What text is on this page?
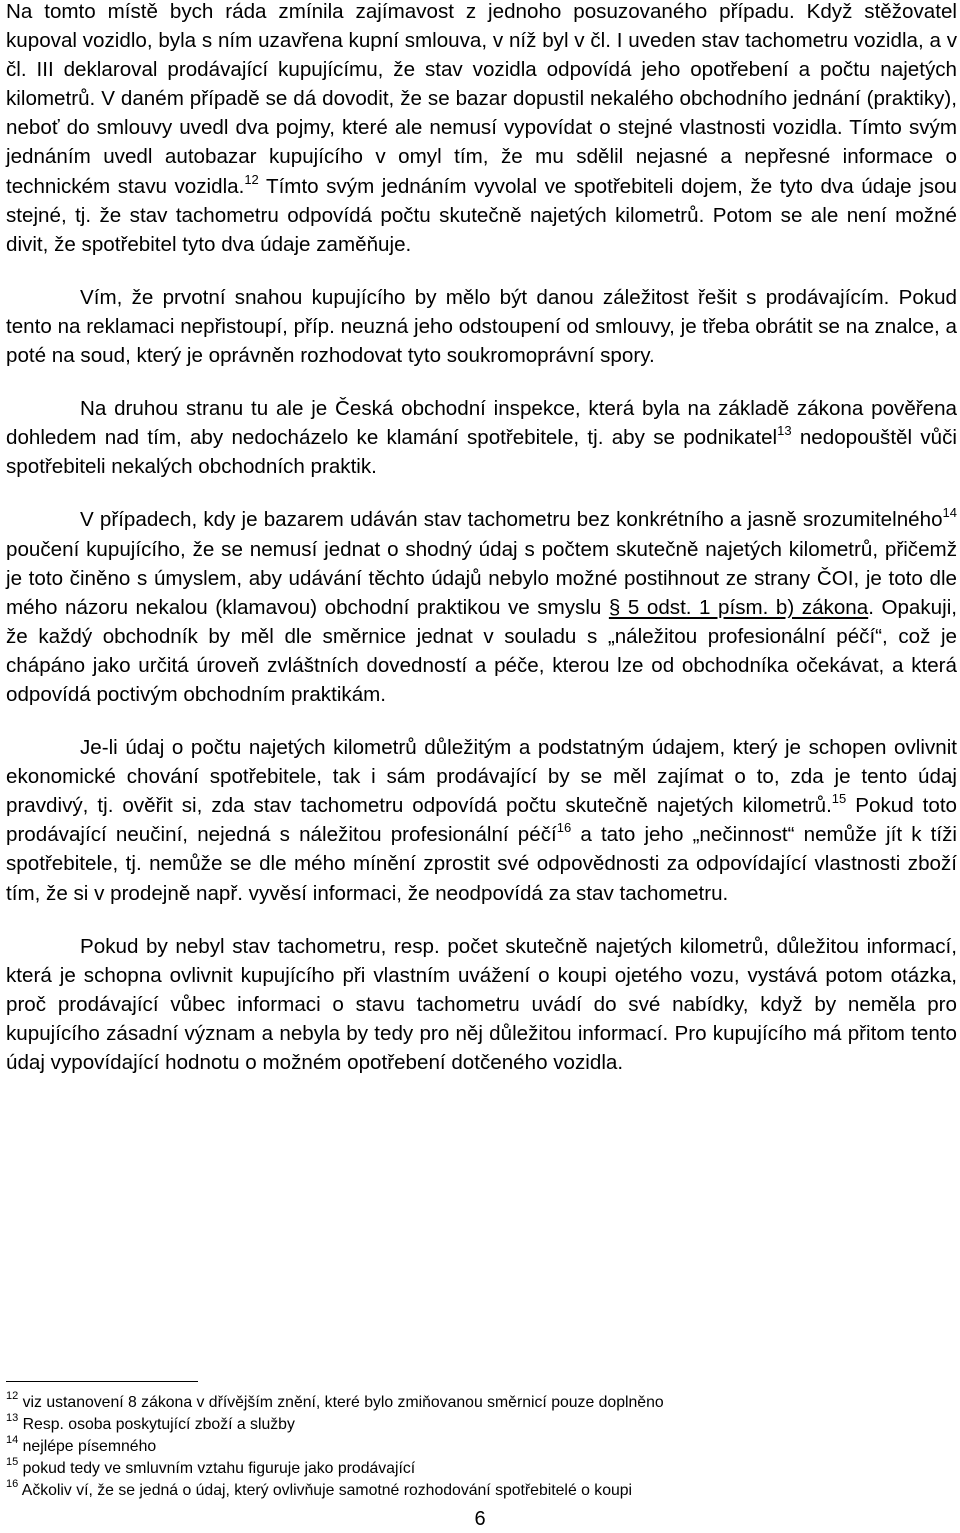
Na tomto místě bych ráda zmínila zajímavost z jednoho posuzovaného případu. Když stěžovatel kupoval vozidlo, byla s ním uzavřena kupní smlouva, v níž byl v čl. I uveden stav tachometru vozidla, a v čl. III deklaroval prodávající kupujícímu, že stav vozidla odpovídá jeho opotřebení a počtu najetých kilometrů. V daném případě se dá dovodit, že se bazar dopustil nekalého obchodního jednání (praktiky), neboť do smlouvy uvedl dva pojmy, které ale nemusí vypovídat o stejné vlastnosti vozidla. Tímto svým jednáním uvedl autobazar kupujícího v omyl tím, že mu sdělil nejasné a nepřesné informace o technickém stavu vozidla.$^{12}$ Tímto svým jednáním vyvolal ve spotřebiteli dojem, že tyto dva údaje jsou stejné, tj. že stav tachometru odpovídá počtu skutečně najetých kilometrů. Potom se ale není možné divit, že spotřebitel tyto dva údaje zaměňuje.

Vím, že prvotní snahou kupujícího by mělo být danou záležitost řešit s prodávajícím. Pokud tento na reklamaci nepřistoupí, příp. neuzná jeho odstoupení od smlouvy, je třeba obrátit se na znalce, a poté na soud, který je oprávněn rozhodovat tyto soukromoprávní spory.

Na druhou stranu tu ale je Česká obchodní inspekce, která byla na základě zákona pověřena dohledem nad tím, aby nedocházelo ke klamání spotřebitele, tj. aby se podnikatel$^{13}$ nedopouštěl vůči spotřebiteli nekalých obchodních praktik.

V případech, kdy je bazarem udáván stav tachometru bez konkrétního a jasně srozumitelného$^{14}$ poučení kupujícího, že se nemusí jednat o shodný údaj s počtem skutečně najetých kilometrů, přičemž je toto činěno s úmyslem, aby udávání těchto údajů nebylo možné postihnout ze strany ČOI, je toto dle mého názoru nekalou (klamavou) obchodní praktikou ve smyslu § 5 odst. 1 písm. b) zákona. Opakuji, že každý obchodník by měl dle směrnice jednat v souladu s „náležitou profesionální péčí“, což je chápáno jako určitá úroveň zvláštních dovedností a péče, kterou lze od obchodníka očekávat, a která odpovídá poctivým obchodním praktikám.

Je-li údaj o počtu najetých kilometrů důležitým a podstatným údajem, který je schopen ovlivnit ekonomické chování spotřebitele, tak i sám prodávající by se měl zajímat o to, zda je tento údaj pravdivý, tj. ověřit si, zda stav tachometru odpovídá počtu skutečně najetých kilometrů.$^{15}$ Pokud toto prodávající neučiní, nejedná s náležitou profesionální péčí$^{16}$ a tato jeho „nečinnost“ nemůže jít k tíži spotřebitele, tj. nemůže se dle mého mínění zprostit své odpovědnosti za odpovídající vlastnosti zboží tím, že si v prodejně např. vyvěsí informaci, že neodpovídá za stav tachometru.

Pokud by nebyl stav tachometru, resp. počet skutečně najetých kilometrů, důležitou informací, která je schopna ovlivnit kupujícího při vlastním uvážení o koupi ojetého vozu, vystává potom otázka, proč prodávající vůbec informaci o stavu tachometru uvádí do své nabídky, když by neměla pro kupujícího zásadní význam a nebyla by tedy pro něj důležitou informací. Pro kupujícího má přitom tento údaj vypovídající hodnotu o možném opotřebení dotčeného vozidla.

$^{12}$ viz ustanovení 8 zákona v dřívějším znění, které bylo zmiňovanou směrnicí pouze doplněno

$^{13}$ Resp. osoba poskytující zboží a služby

$^{14}$ nejlépe písemného

$^{15}$ pokud tedy ve smluvním vztahu figuruje jako prodávající

$^{16}$ Ačkoliv ví, že se jedná o údaj, který ovlivňuje samotné rozhodování spotřebitelé o koupi

6
